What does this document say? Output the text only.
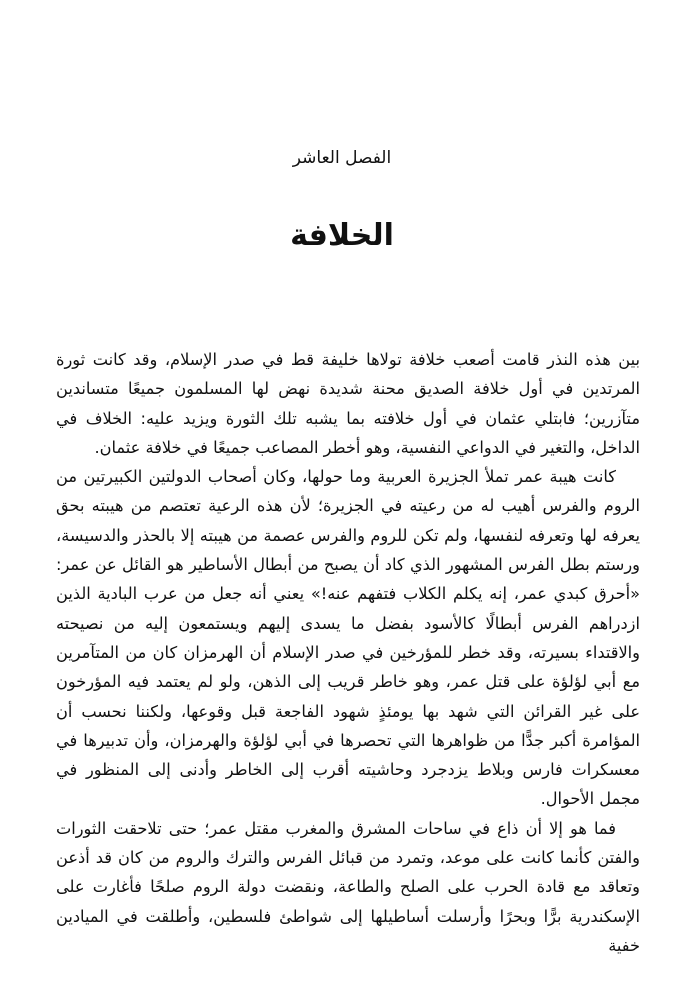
الفصل العاشر
الخلافة

بين هذه النذر قامت أصعب خلافة تولاها خليفة قط في صدر الإسلام، وقد كانت ثورة المرتدين في أول خلافة الصديق محنة شديدة نهض لها المسلمون جميعًا متساندين متآزرين؛ فابتلي عثمان في أول خلافته بما يشبه تلك الثورة ويزيد عليه: الخلاف في الداخل، والتغير في الدواعي النفسية، وهو أخطر المصاعب جميعًا في خلافة عثمان.

كانت هيبة عمر تملأ الجزيرة العربية وما حولها، وكان أصحاب الدولتين الكبيرتين من الروم والفرس أهيب له من رعيته في الجزيرة؛ لأن هذه الرعية تعتصم من هيبته بحق يعرفه لها وتعرفه لنفسها، ولم تكن للروم والفرس عصمة من هيبته إلا بالحذر والدسيسة، ورستم بطل الفرس المشهور الذي كاد أن يصبح من أبطال الأساطير هو القائل عن عمر: «أحرق كبدي عمر، إنه يكلم الكلاب فتفهم عنه!» يعني أنه جعل من عرب البادية الذين ازدراهم الفرس أبطالًا كالأسود بفضل ما يسدى إليهم ويستمعون إليه من نصيحته والاقتداء بسيرته، وقد خطر للمؤرخين في صدر الإسلام أن الهرمزان كان من المتآمرين مع أبي لؤلؤة على قتل عمر، وهو خاطر قريب إلى الذهن، ولو لم يعتمد فيه المؤرخون على غير القرائن التي شهد بها يومئذٍ شهود الفاجعة قبل وقوعها، ولكننا نحسب أن المؤامرة أكبر جدًّا من ظواهرها التي تحصرها في أبي لؤلؤة والهرمزان، وأن تدبيرها في معسكرات فارس وبلاط يزدجرد وحاشيته أقرب إلى الخاطر وأدنى إلى المنظور في مجمل الأحوال.

فما هو إلا أن ذاع في ساحات المشرق والمغرب مقتل عمر؛ حتى تلاحقت الثورات والفتن كأنما كانت على موعد، وتمرد من قبائل الفرس والترك والروم من كان قد أذعن وتعاقد مع قادة الحرب على الصلح والطاعة، ونقضت دولة الروم صلحًا فأغارت على الإسكندرية برًّا وبحرًا وأرسلت أساطيلها إلى شواطئ فلسطين، وأطلقت في الميادين خفية
